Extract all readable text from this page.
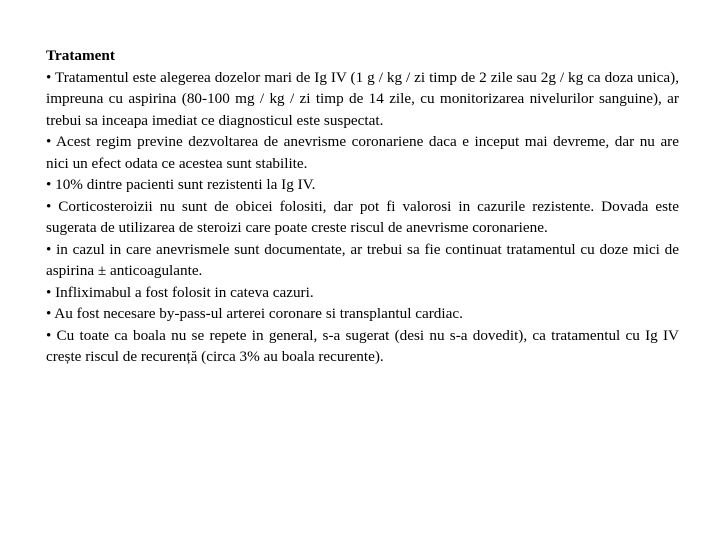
Tratament

• Tratamentul este alegerea dozelor mari de Ig IV (1 g / kg / zi timp de 2 zile sau 2g / kg ca doza unica), impreuna cu aspirina (80-100 mg / kg / zi timp de 14 zile, cu monitorizarea nivelurilor sanguine), ar trebui sa inceapa imediat ce diagnosticul este suspectat.

• Acest regim previne dezvoltarea de anevrisme coronariene daca e inceput mai devreme, dar nu are nici un efect odata ce acestea sunt stabilite.

• 10% dintre pacienti sunt rezistenti la Ig IV.

• Corticosteroizii nu sunt de obicei folositi, dar pot fi valorosi in cazurile rezistente. Dovada este sugerata de utilizarea de steroizi care poate creste riscul de anevrisme coronariene.

• in cazul in care anevrismele sunt documentate, ar trebui sa fie continuat tratamentul cu doze mici de aspirina ± anticoagulante.

• Infliximabul a fost folosit in cateva cazuri.

• Au fost necesare by-pass-ul arterei coronare si transplantul cardiac.

• Cu toate ca boala nu se repete in general, s-a sugerat (desi nu s-a dovedit), ca tratamentul cu Ig IV crește riscul de recurență (circa 3% au boala recurente).
